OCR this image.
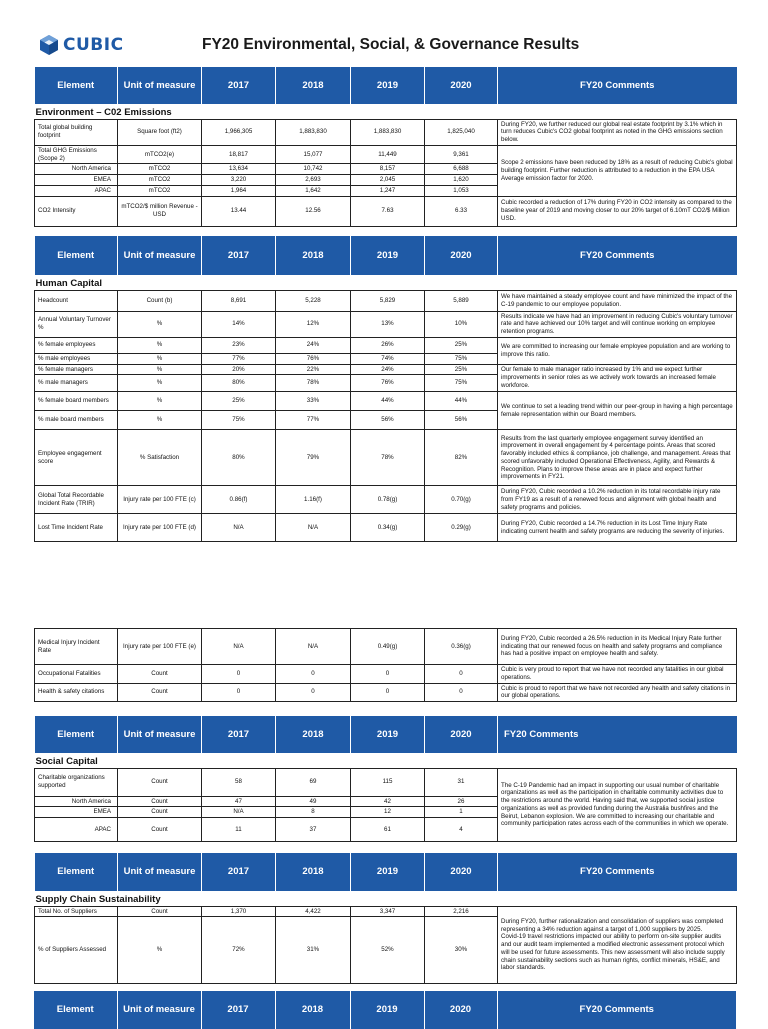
CUBIC	FY20 Environmental, Social, & Governance Results
Element	Unit of measure	2017	2018	2019	2020	FY20 Comments
Environment – C02 Emissions						
Total global building footprint	Square foot (ft2)	1,966,305	1,883,830	1,883,830	1,825,040	During FY20, we further reduced our global real estate footprint by 3.1% which in turn reduces Cubic's CO2 global footprint as noted in the GHG emissions section below.
Total GHG Emissions (Scope 2)	mTCO2(e)	18,817	15,077	11,449	9,361	Scope 2 emissions have been reduced by 18% as a result of reducing Cubic's global building footprint. Further reduction is attributed to a reduction in the EPA USA Average emission factor for 2020.
North America	mTCO2	13,634	10,742	8,157	6,688	
EMEA	mTCO2	3,220	2,693	2,045	1,620	
APAC	mTCO2	1,964	1,642	1,247	1,053	
CO2 Intensity	mTCO2/$ million Revenue - USD	13.44	12.56	7.63	6.33	Cubic recorded a reduction of 17% during FY20 in CO2 intensity as compared to the baseline year of 2019 and moving closer to our 20% target of 6.10mT CO2/$ Million USD.
Element	Unit of measure	2017	2018	2019	2020	FY20 Comments
Human Capital						
Headcount	Count (b)	8,691	5,228	5,829	5,889	We have maintained a steady employee count and have minimized the impact of the C-19 pandemic to our employee population.
Annual Voluntary Turnover %	%	14%	12%	13%	10%	Results indicate we have had an improvement in reducing Cubic's voluntary turnover rate and have achieved our 10% target and will continue working on employee retention programs.
% female employees	%	23%	24%	26%	25%	We are committed to increasing our female employee population and are working to improve this ratio.
% male employees	%	77%	76%	74%	75%	
% female managers	%	20%	22%	24%	25%	Our female to male manager ratio increased by 1% and we expect further improvements in senior roles as we actively work towards an increased female workforce.
% male managers	%	80%	78%	76%	75%	
% female board members	%	25%	33%	44%	44%	We continue to set a leading trend within our peer-group in having a high percentage female representation within our Board members.
% male board members	%	75%	77%	56%	56%	
Employee engagement score	% Satisfaction	80%	79%	78%	82%	Results from the last quarterly employee engagement survey identified an improvement in overall engagement by 4 percentage points. Areas that scored favorably included ethics & compliance, job challenge, and management. Areas that scored unfavorably included Operational Effectiveness, Agility, and Rewards & Recognition. Plans to improve these areas are in place and expect further improvements in FY21.
Global Total Recordable Incident Rate (TRIR)	Injury rate per 100 FTE (c)	0.86(f)	1.16(f)	0.78(g)	0.70(g)	During FY20, Cubic recorded a 10.2% reduction in its total recordable injury rate from FY19 as a result of a renewed focus and alignment with global health and safety programs and policies.
Lost Time Incident Rate	Injury rate per 100 FTE (d)	N/A	N/A	0.34(g)	0.29(g)	During FY20, Cubic recorded a 14.7% reduction in its Lost Time Injury Rate indicating current health and safety programs are reducing the severity of injuries.
Medical Injury Incident Rate	Injury rate per 100 FTE (e)	N/A	N/A	0.49(g)	0.36(g)	During FY20, Cubic recorded a 26.5% reduction in its Medical Injury Rate further indicating that our renewed focus on health and safety programs and compliance has had a positive impact on employee health and safety.
Occupational Fatalities	Count	0	0	0	0	Cubic is very proud to report that we have not recorded any fatalities in our global operations.
Health & safety citations	Count	0	0	0	0	Cubic is proud to report that we have not recorded any health and safety citations in our global operations.
Element	Unit of measure	2017	2018	2019	2020	FY20 Comments
Social Capital						
Charitable organizations supported	Count	58	69	115	31	The C-19 Pandemic had an impact in supporting our usual number of charitable organizations as well as the participation in charitable community activities due to the restrictions around the world. Having said that, we supported social justice organizations as well as provided funding during the Australia bushfires and the Beirut, Lebanon explosion. We are committed to increasing our charitable and community participation rates across each of the communities in which we operate.
North America	Count	47	49	42	26	
EMEA	Count	N/A	8	12	1	
APAC	Count	11	37	61	4	
Element	Unit of measure	2017	2018	2019	2020	FY20 Comments
Supply Chain Sustainability						
Total No. of Suppliers	Count	1,370	4,422	3,347	2,216	During FY20, further rationalization and consolidation of suppliers was completed representing a 34% reduction against a target of 1,000 suppliers by 2025.
Covid-19 travel restrictions impacted our ability to perform on-site supplier audits and our audit team implemented a modified electronic assessment protocol which will be used for future assessments. This new assessment will also include supply chain sustainability sections such as human rights, conflict minerals, HS&E, and labor standards.
% of Suppliers Assessed	%	72%	31%	52%	30%	
Element	Unit of measure	2017	2018	2019	2020	FY20 Comments
